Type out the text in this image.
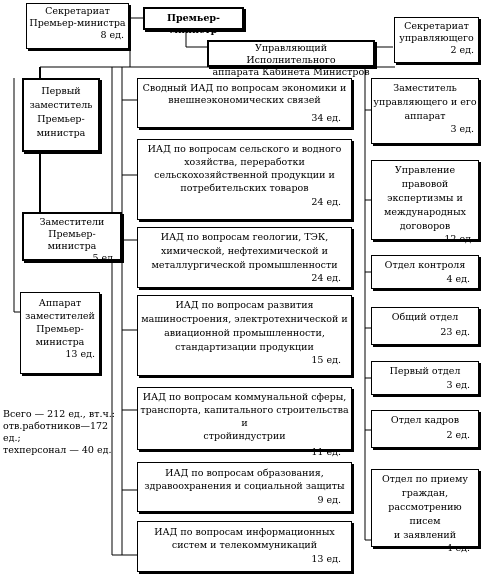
Секретариат
Премьер-министра
8 ед.
Премьер-министр
Управляющий Исполнительного
аппарата Кабинета Министров
Секретариат
управляющего
2 ед.
Первый
заместитель
Премьер-
министра
Заместители
Премьер-министра
5 ед.
Аппарат
заместителей
Премьер-
министра
13 ед.
Всего — 212 ед., вт.ч.:
отв.работников—172 ед.;
техперсонал — 40 ед.
Сводный ИАД по вопросам экономики и
внешнеэкономических связей
34 ед.
ИАД по вопросам сельского и водного
хозяйства, переработки
сельскохозяйственной продукции и
потребительских товаров
24 ед.
ИАД по вопросам геологии, ТЭК,
химической, нефтехимической и
металлургической промышленности
24 ед.
ИАД по вопросам развития
машиностроения, электротехнической и
авиационной промышленности,
стандартизации продукции
15 ед.
ИАД по вопросам коммунальной сферы,
транспорта, капитального строительства и
стройиндустрии
11 ед.
ИАД по вопросам образования,
здравоохранения и социальной защиты
9 ед.
ИАД по вопросам информационных
систем и телекоммуникаций
13 ед.
Заместитель
управляющего и его
аппарат
3 ед.
Управление правовой
экспертизмы и
международных
договоров
12 ед.
Отдел контроля
4 ед.
Общий отдел
23 ед.
Первый отдел
3 ед.
Отдел кадров
2 ед.
Отдел по приему
граждан,
рассмотрению писем
и заявлений
4 ед.
